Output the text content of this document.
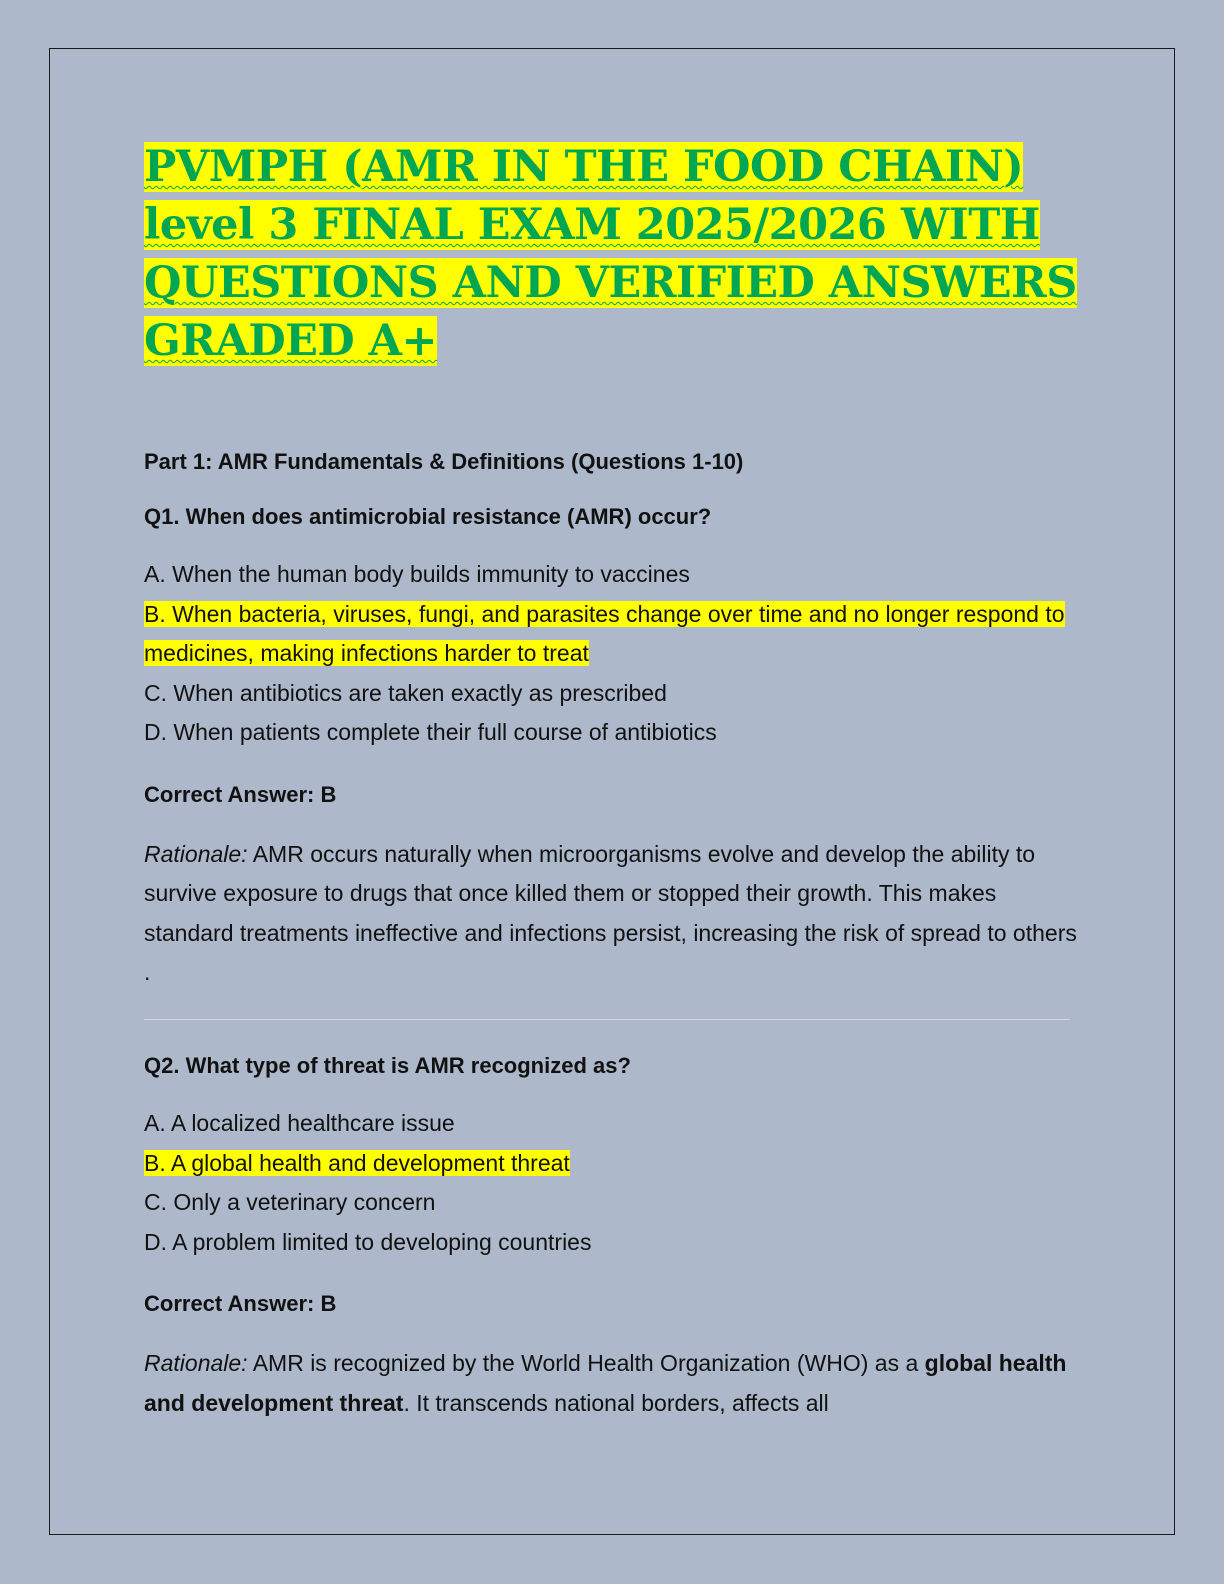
PVMPH (AMR IN THE FOOD CHAIN)
level 3 FINAL EXAM 2025/2026 WITH
QUESTIONS AND VERIFIED ANSWERS
GRADED A+

Part 1: AMR Fundamentals & Definitions (Questions 1-10)

Q1. When does antimicrobial resistance (AMR) occur?

A. When the human body builds immunity to vaccines

B. When bacteria, viruses, fungi, and parasites change over time and no longer respond to medicines, making infections harder to treat

C. When antibiotics are taken exactly as prescribed

D. When patients complete their full course of antibiotics

Correct Answer: B

Rationale: AMR occurs naturally when microorganisms evolve and develop the ability to survive exposure to drugs that once killed them or stopped their growth. This makes standard treatments ineffective and infections persist, increasing the risk of spread to others .

Q2. What type of threat is AMR recognized as?

A. A localized healthcare issue

B. A global health and development threat

C. Only a veterinary concern

D. A problem limited to developing countries

Correct Answer: B

Rationale: AMR is recognized by the World Health Organization (WHO) as a global health and development threat. It transcends national borders, affects all
